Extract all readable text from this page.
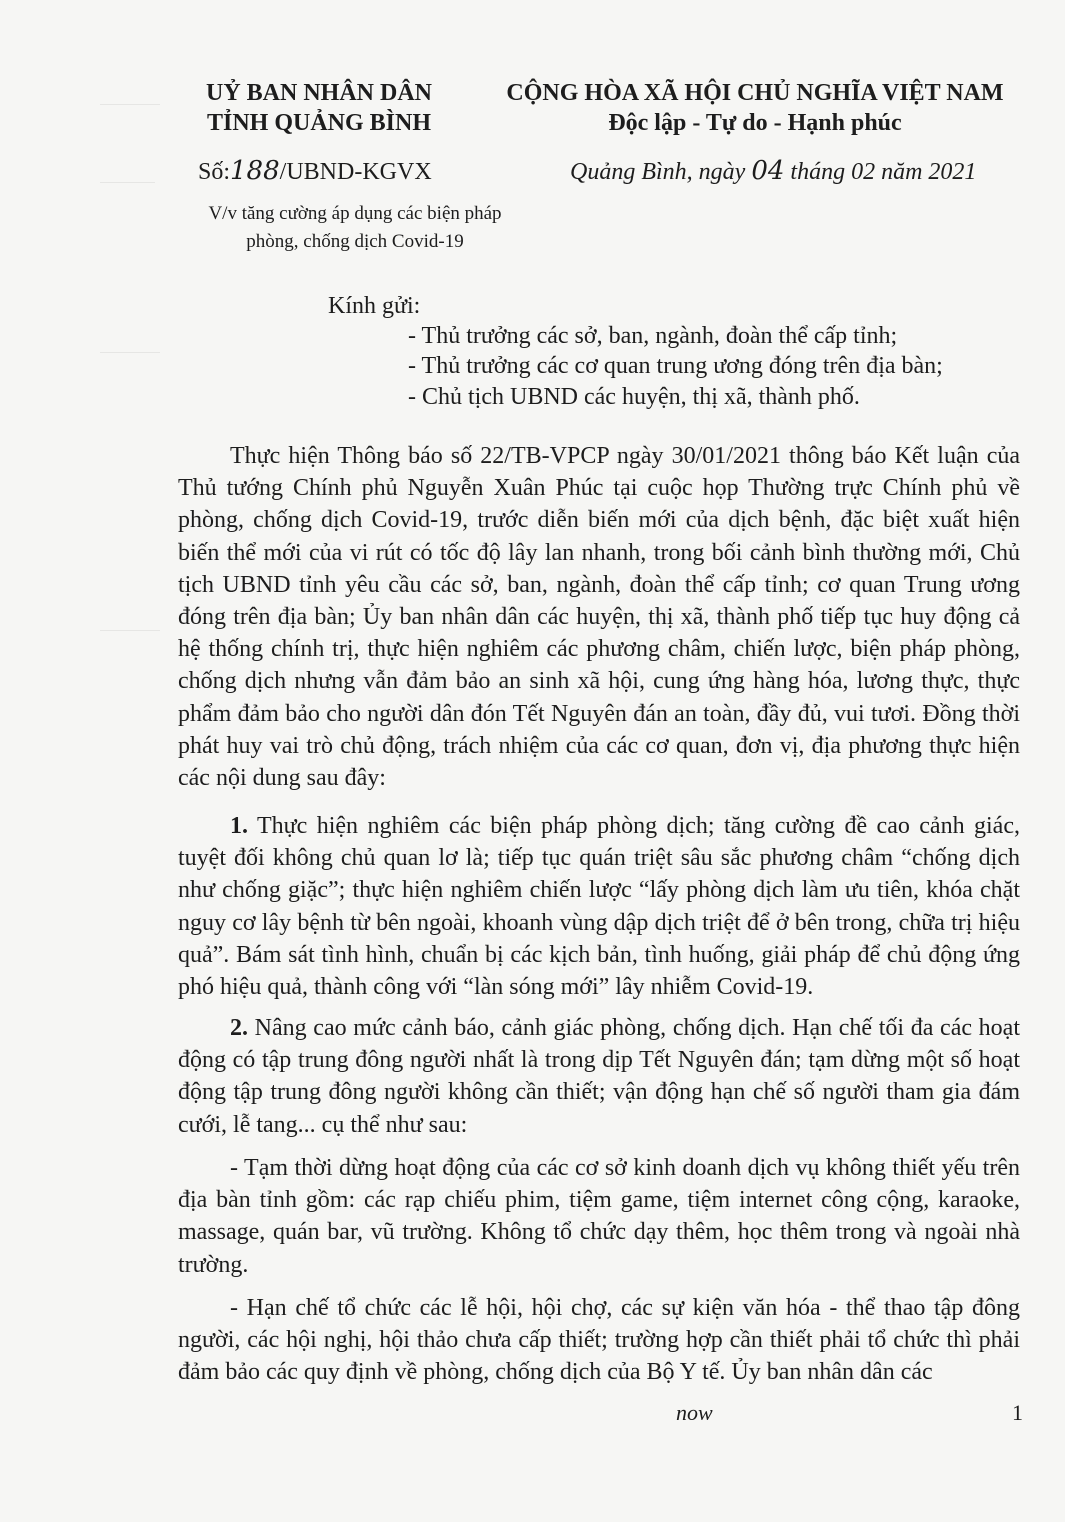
UỶ BAN NHÂN DÂN
TỈNH QUẢNG BÌNH
CỘNG HÒA XÃ HỘI CHỦ NGHĨA VIỆT NAM
Độc lập - Tự do - Hạnh phúc
Số:188/UBND-KGVX	Quảng Bình, ngày 04 tháng 02 năm 2021
V/v tăng cường áp dụng các biện pháp
phòng, chống dịch Covid-19
Kính gửi:
- Thủ trưởng các sở, ban, ngành, đoàn thể cấp tỉnh;
- Thủ trưởng các cơ quan trung ương đóng trên địa bàn;
- Chủ tịch UBND các huyện, thị xã, thành phố.

Thực hiện Thông báo số 22/TB-VPCP ngày 30/01/2021 thông báo Kết luận của Thủ tướng Chính phủ Nguyễn Xuân Phúc tại cuộc họp Thường trực Chính phủ về phòng, chống dịch Covid-19, trước diễn biến mới của dịch bệnh, đặc biệt xuất hiện biến thể mới của vi rút có tốc độ lây lan nhanh, trong bối cảnh bình thường mới, Chủ tịch UBND tỉnh yêu cầu các sở, ban, ngành, đoàn thể cấp tỉnh; cơ quan Trung ương đóng trên địa bàn; Ủy ban nhân dân các huyện, thị xã, thành phố tiếp tục huy động cả hệ thống chính trị, thực hiện nghiêm các phương châm, chiến lược, biện pháp phòng, chống dịch nhưng vẫn đảm bảo an sinh xã hội, cung ứng hàng hóa, lương thực, thực phẩm đảm bảo cho người dân đón Tết Nguyên đán an toàn, đầy đủ, vui tươi. Đồng thời phát huy vai trò chủ động, trách nhiệm của các cơ quan, đơn vị, địa phương thực hiện các nội dung sau đây:

1. Thực hiện nghiêm các biện pháp phòng dịch; tăng cường đề cao cảnh giác, tuyệt đối không chủ quan lơ là; tiếp tục quán triệt sâu sắc phương châm “chống dịch như chống giặc”; thực hiện nghiêm chiến lược “lấy phòng dịch làm ưu tiên, khóa chặt nguy cơ lây bệnh từ bên ngoài, khoanh vùng dập dịch triệt để ở bên trong, chữa trị hiệu quả”. Bám sát tình hình, chuẩn bị các kịch bản, tình huống, giải pháp để chủ động ứng phó hiệu quả, thành công với “làn sóng mới” lây nhiễm Covid-19.

2. Nâng cao mức cảnh báo, cảnh giác phòng, chống dịch. Hạn chế tối đa các hoạt động có tập trung đông người nhất là trong dịp Tết Nguyên đán; tạm dừng một số hoạt động tập trung đông người không cần thiết; vận động hạn chế số người tham gia đám cưới, lễ tang... cụ thể như sau:

- Tạm thời dừng hoạt động của các cơ sở kinh doanh dịch vụ không thiết yếu trên địa bàn tỉnh gồm: các rạp chiếu phim, tiệm game, tiệm internet công cộng, karaoke, massage, quán bar, vũ trường. Không tổ chức dạy thêm, học thêm trong và ngoài nhà trường.

- Hạn chế tổ chức các lễ hội, hội chợ, các sự kiện văn hóa - thể thao tập đông người, các hội nghị, hội thảo chưa cấp thiết; trường hợp cần thiết phải tổ chức thì phải đảm bảo các quy định về phòng, chống dịch của Bộ Y tế. Ủy ban nhân dân các

now	1
